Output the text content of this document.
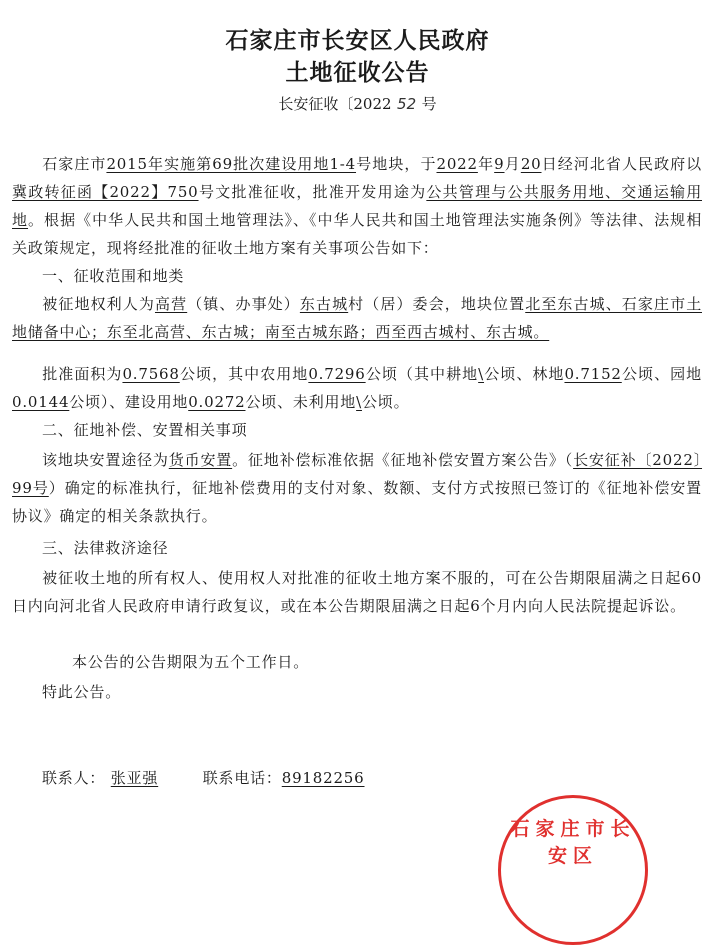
石家庄市长安区人民政府
土地征收公告
长安征收〔2022 52 号

石家庄市2015年实施第69批次建设用地1-4号地块，于2022年9月20日经河北省人民政府以冀政转征函【2022】750号文批准征收，批准开发用途为公共管理与公共服务用地、交通运输用地。根据《中华人民共和国土地管理法》、《中华人民共和国土地管理法实施条例》等法律、法规相关政策规定，现将经批准的征收土地方案有关事项公告如下：

一、征收范围和地类

被征地权利人为高营（镇、办事处）东古城村（居）委会，地块位置北至东古城、石家庄市土地储备中心；东至北高营、东古城；南至古城东路；西至西古城村、东古城。

批准面积为0.7568公顷，其中农用地0.7296公顷（其中耕地\公顷、林地0.7152公顷、园地0.0144公顷）、建设用地0.0272公顷、未利用地\公顷。

二、征地补偿、安置相关事项

该地块安置途径为货币安置。征地补偿标准依据《征地补偿安置方案公告》（长安征补〔2022〕99号）确定的标准执行，征地补偿费用的支付对象、数额、支付方式按照已签订的《征地补偿安置协议》确定的相关条款执行。

三、法律救济途径

被征收土地的所有权人、使用权人对批准的征收土地方案不服的，可在公告期限届满之日起60日内向河北省人民政府申请行政复议，或在本公告期限届满之日起6个月内向人民法院提起诉讼。

本公告的公告期限为五个工作日。

特此公告。

联系人： 张亚强	联系电话：89182256

石家庄市长安区
